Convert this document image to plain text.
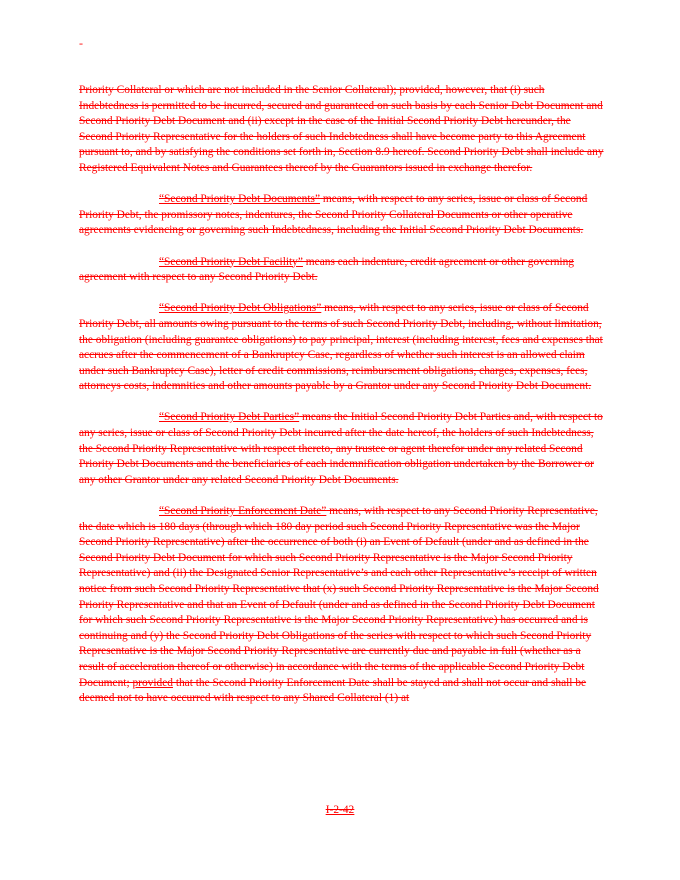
-

Priority Collateral or which are not included in the Senior Collateral); provided, however, that (i) such Indebtedness is permitted to be incurred, secured and guaranteed on such basis by each Senior Debt Document and Second Priority Debt Document and (ii) except in the case of the Initial Second Priority Debt hereunder, the Second Priority Representative for the holders of such Indebtedness shall have become party to this Agreement pursuant to, and by satisfying the conditions set forth in, Section 8.9 hereof. Second Priority Debt shall include any Registered Equivalent Notes and Guarantees thereof by the Guarantors issued in exchange therefor.

“Second Priority Debt Documents” means, with respect to any series, issue or class of Second Priority Debt, the promissory notes, indentures, the Second Priority Collateral Documents or other operative agreements evidencing or governing such Indebtedness, including the Initial Second Priority Debt Documents.

“Second Priority Debt Facility” means each indenture, credit agreement or other governing agreement with respect to any Second Priority Debt.

“Second Priority Debt Obligations” means, with respect to any series, issue or class of Second Priority Debt, all amounts owing pursuant to the terms of such Second Priority Debt, including, without limitation, the obligation (including guarantee obligations) to pay principal, interest (including interest, fees and expenses that accrues after the commencement of a Bankruptcy Case, regardless of whether such interest is an allowed claim under such Bankruptcy Case), letter of credit commissions, reimbursement obligations, charges, expenses, fees, attorneys costs, indemnities and other amounts payable by a Grantor under any Second Priority Debt Document.

“Second Priority Debt Parties” means the Initial Second Priority Debt Parties and, with respect to any series, issue or class of Second Priority Debt incurred after the date hereof, the holders of such Indebtedness, the Second Priority Representative with respect thereto, any trustee or agent therefor under any related Second Priority Debt Documents and the beneficiaries of each indemnification obligation undertaken by the Borrower or any other Grantor under any related Second Priority Debt Documents.

“Second Priority Enforcement Date” means, with respect to any Second Priority Representative, the date which is 180 days (through which 180 day period such Second Priority Representative was the Major Second Priority Representative) after the occurrence of both (i) an Event of Default (under and as defined in the Second Priority Debt Document for which such Second Priority Representative is the Major Second Priority Representative) and (ii) the Designated Senior Representative’s and each other Representative’s receipt of written notice from such Second Priority Representative that (x) such Second Priority Representative is the Major Second Priority Representative and that an Event of Default (under and as defined in the Second Priority Debt Document for which such Second Priority Representative is the Major Second Priority Representative) has occurred and is continuing and (y) the Second Priority Debt Obligations of the series with respect to which such Second Priority Representative is the Major Second Priority Representative are currently due and payable in full (whether as a result of acceleration thereof or otherwise) in accordance with the terms of the applicable Second Priority Debt Document; provided that the Second Priority Enforcement Date shall be stayed and shall not occur and shall be deemed not to have occurred with respect to any Shared Collateral (1) at

I-2-42
